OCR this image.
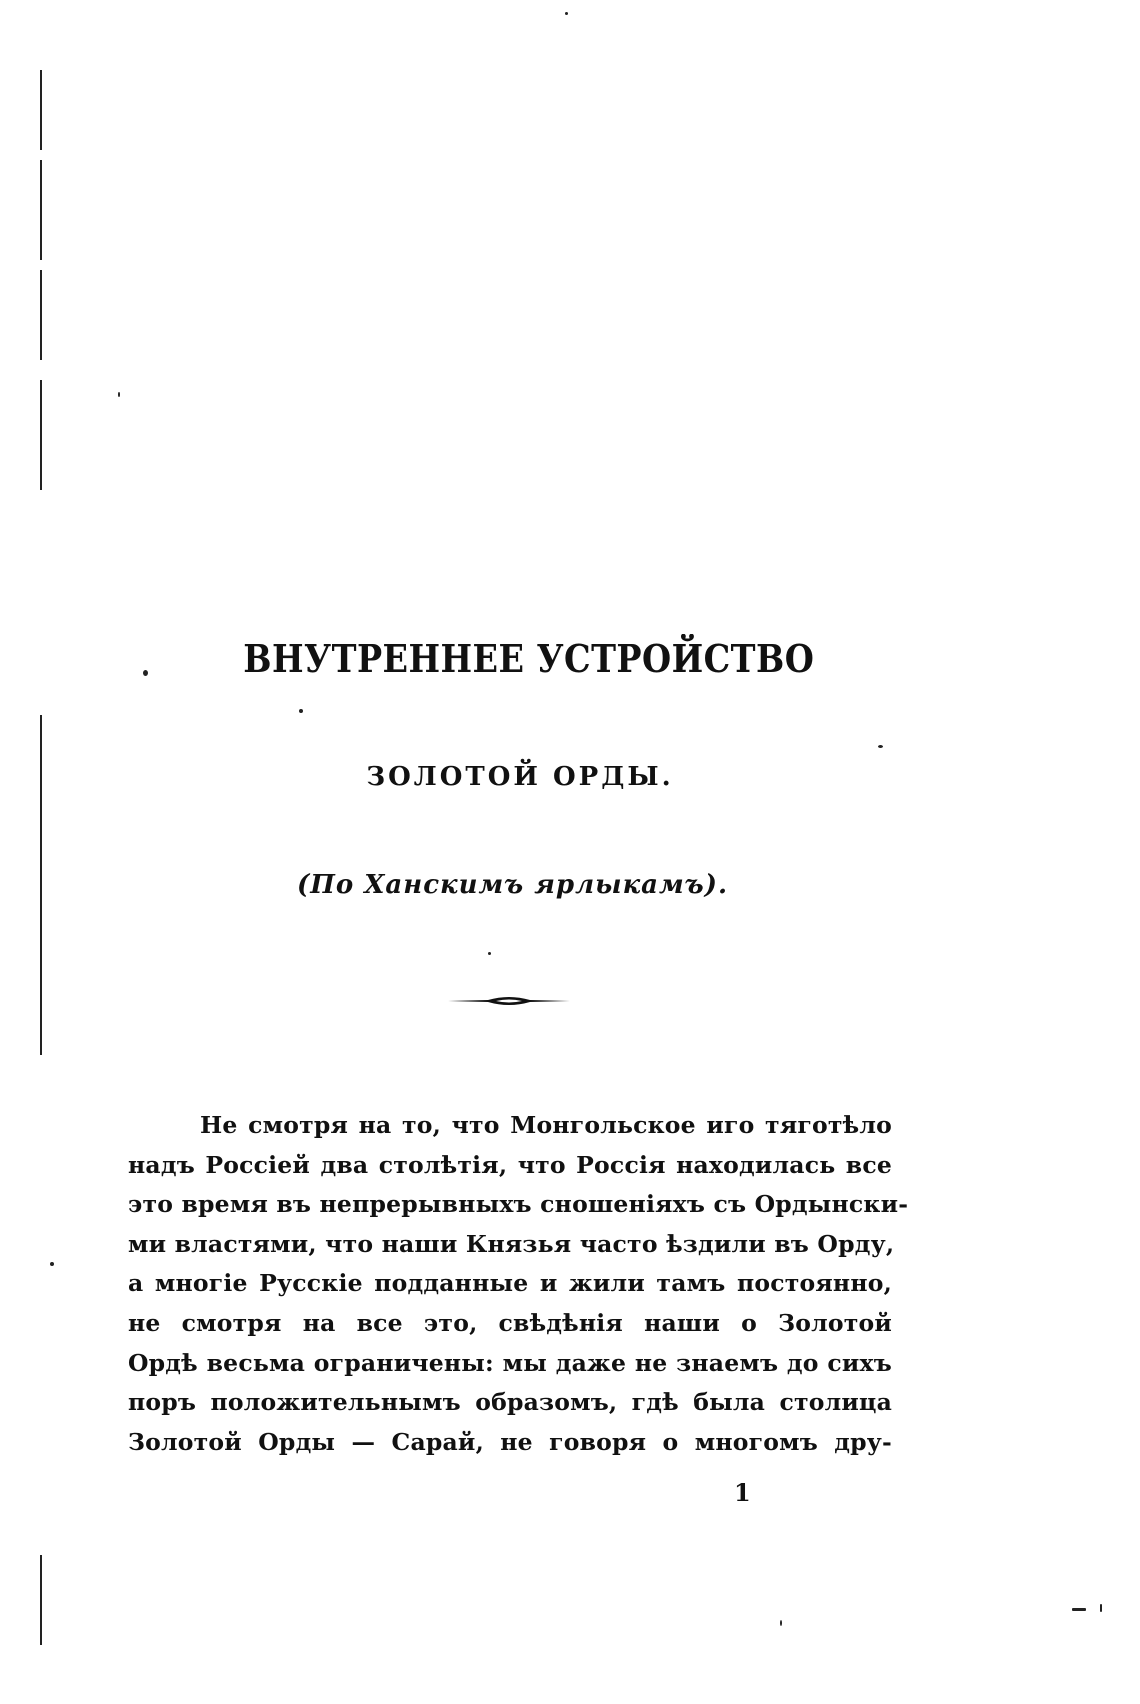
ВНУТРЕННЕЕ УСТРОЙСТВО
ЗОЛОТОЙ ОРДЫ.
(По Ханскимъ ярлыкамъ).
Не смотря на то, что Монгольское иго тяготѣло
надъ Россіей два столѣтія, что Россія находилась все
это время въ непрерывныхъ сношеніяхъ съ Ордынски-
ми властями, что наши Князья часто ѣздили въ Орду,
а многіе Русскіе подданные и жили тамъ постоянно,
не смотря на все это, свѣдѣнія наши о Золотой
Ордѣ весьма ограничены: мы даже не знаемъ до сихъ
поръ положительнымъ образомъ, гдѣ была столица
Золотой Орды — Сарай, не говоря о многомъ дру-
1
